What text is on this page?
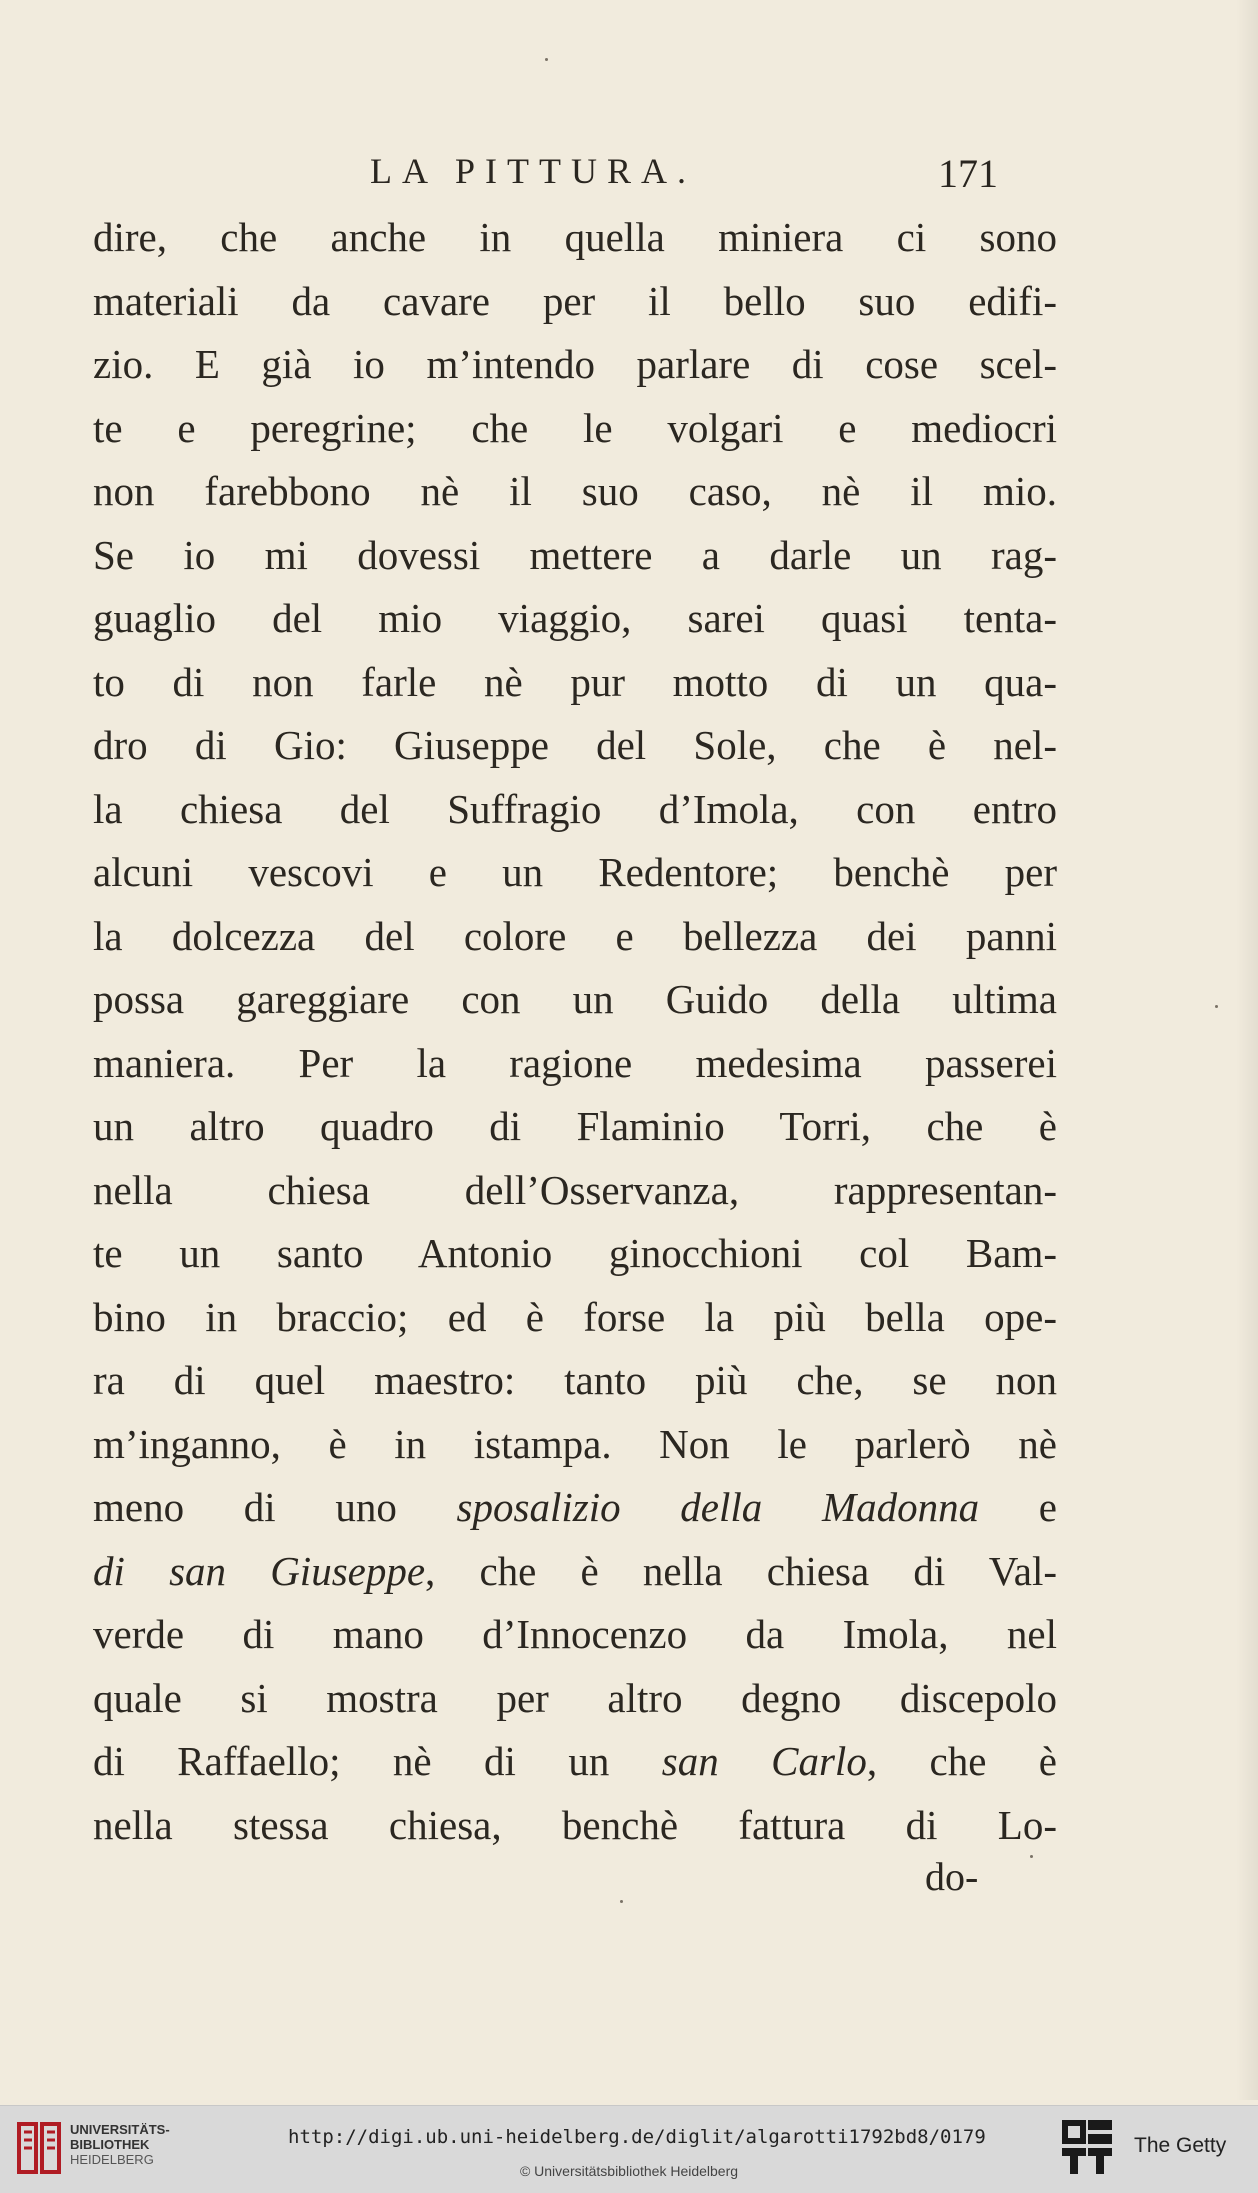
LA PITTURA.	171
dire, che anche in quella miniera ci sono
materiali da cavare per il bello suo edifi-
zio. E già io m’intendo parlare di cose scel-
te e peregrine; che le volgari e mediocri
non farebbono nè il suo caso, nè il mio.
Se io mi dovessi mettere a darle un rag-
guaglio del mio viaggio, sarei quasi tenta-
to di non farle nè pur motto di un qua-
dro di Gio: Giuseppe del Sole, che è nel-
la chiesa del Suffragio d’Imola, con entro
alcuni vescovi e un Redentore; benchè per
la dolcezza del colore e bellezza dei panni
possa gareggiare con un Guido della ultima
maniera. Per la ragione medesima passerei
un altro quadro di Flaminio Torri, che è
nella chiesa dell’Osservanza, rappresentan-
te un santo Antonio ginocchioni col Bam-
bino in braccio; ed è forse la più bella ope-
ra di quel maestro: tanto più che, se non
m’inganno, è in istampa. Non le parlerò nè
meno di uno sposalizio della Madonna e
di san Giuseppe, che è nella chiesa di Val-
verde di mano d’Innocenzo da Imola, nel
quale si mostra per altro degno discepolo
di Raffaello; nè di un san Carlo, che è
nella stessa chiesa, benchè fattura di Lo-
do-
UNIVERSITÄTS-
BIBLIOTHEK
HEIDELBERG
http://digi.ub.uni-heidelberg.de/diglit/algarotti1792bd8/0179
© Universitätsbibliothek Heidelberg
The Getty
